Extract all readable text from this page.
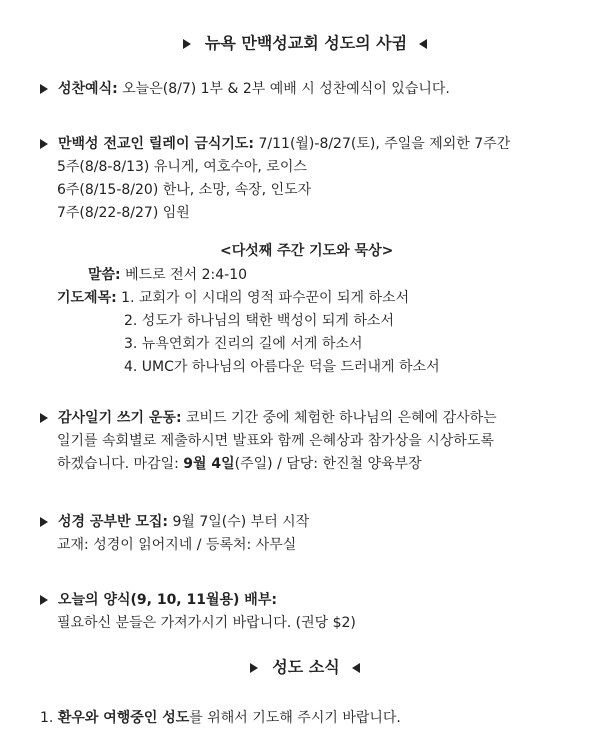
뉴욕 만백성교회 성도의 사귐
성찬예식: 오늘은(8/7) 1부 & 2부 예배 시 성찬예식이 있습니다.
만백성 전교인 릴레이 금식기도: 7/11(월)-8/27(토), 주일을 제외한 7주간
5주(8/8-8/13) 유니게, 여호수아, 로이스
6주(8/15-8/20) 한나, 소망, 속장, 인도자
7주(8/22-8/27) 임원
<다섯째 주간 기도와 묵상>
말씀: 베드로 전서 2:4-10
기도제목: 1. 교회가 이 시대의 영적 파수꾼이 되게 하소서
2. 성도가 하나님의 택한 백성이 되게 하소서
3. 뉴욕연회가 진리의 길에 서게 하소서
4. UMC가 하나님의 아름다운 덕을 드러내게 하소서
감사일기 쓰기 운동: 코비드 기간 중에 체험한 하나님의 은혜에 감사하는
일기를 속회별로 제출하시면 발표와 함께 은혜상과 참가상을 시상하도록
하겠습니다. 마감일: 9월 4일(주일) / 담당: 한진철 양육부장
성경 공부반 모집: 9월 7일(수) 부터 시작
교재: 성경이 읽어지네 / 등록처: 사무실
오늘의 양식(9, 10, 11월용) 배부:
필요하신 분들은 가져가시기 바랍니다. (권당 $2)
성도 소식
1. 환우와 여행중인 성도를 위해서 기도해 주시기 바랍니다.
